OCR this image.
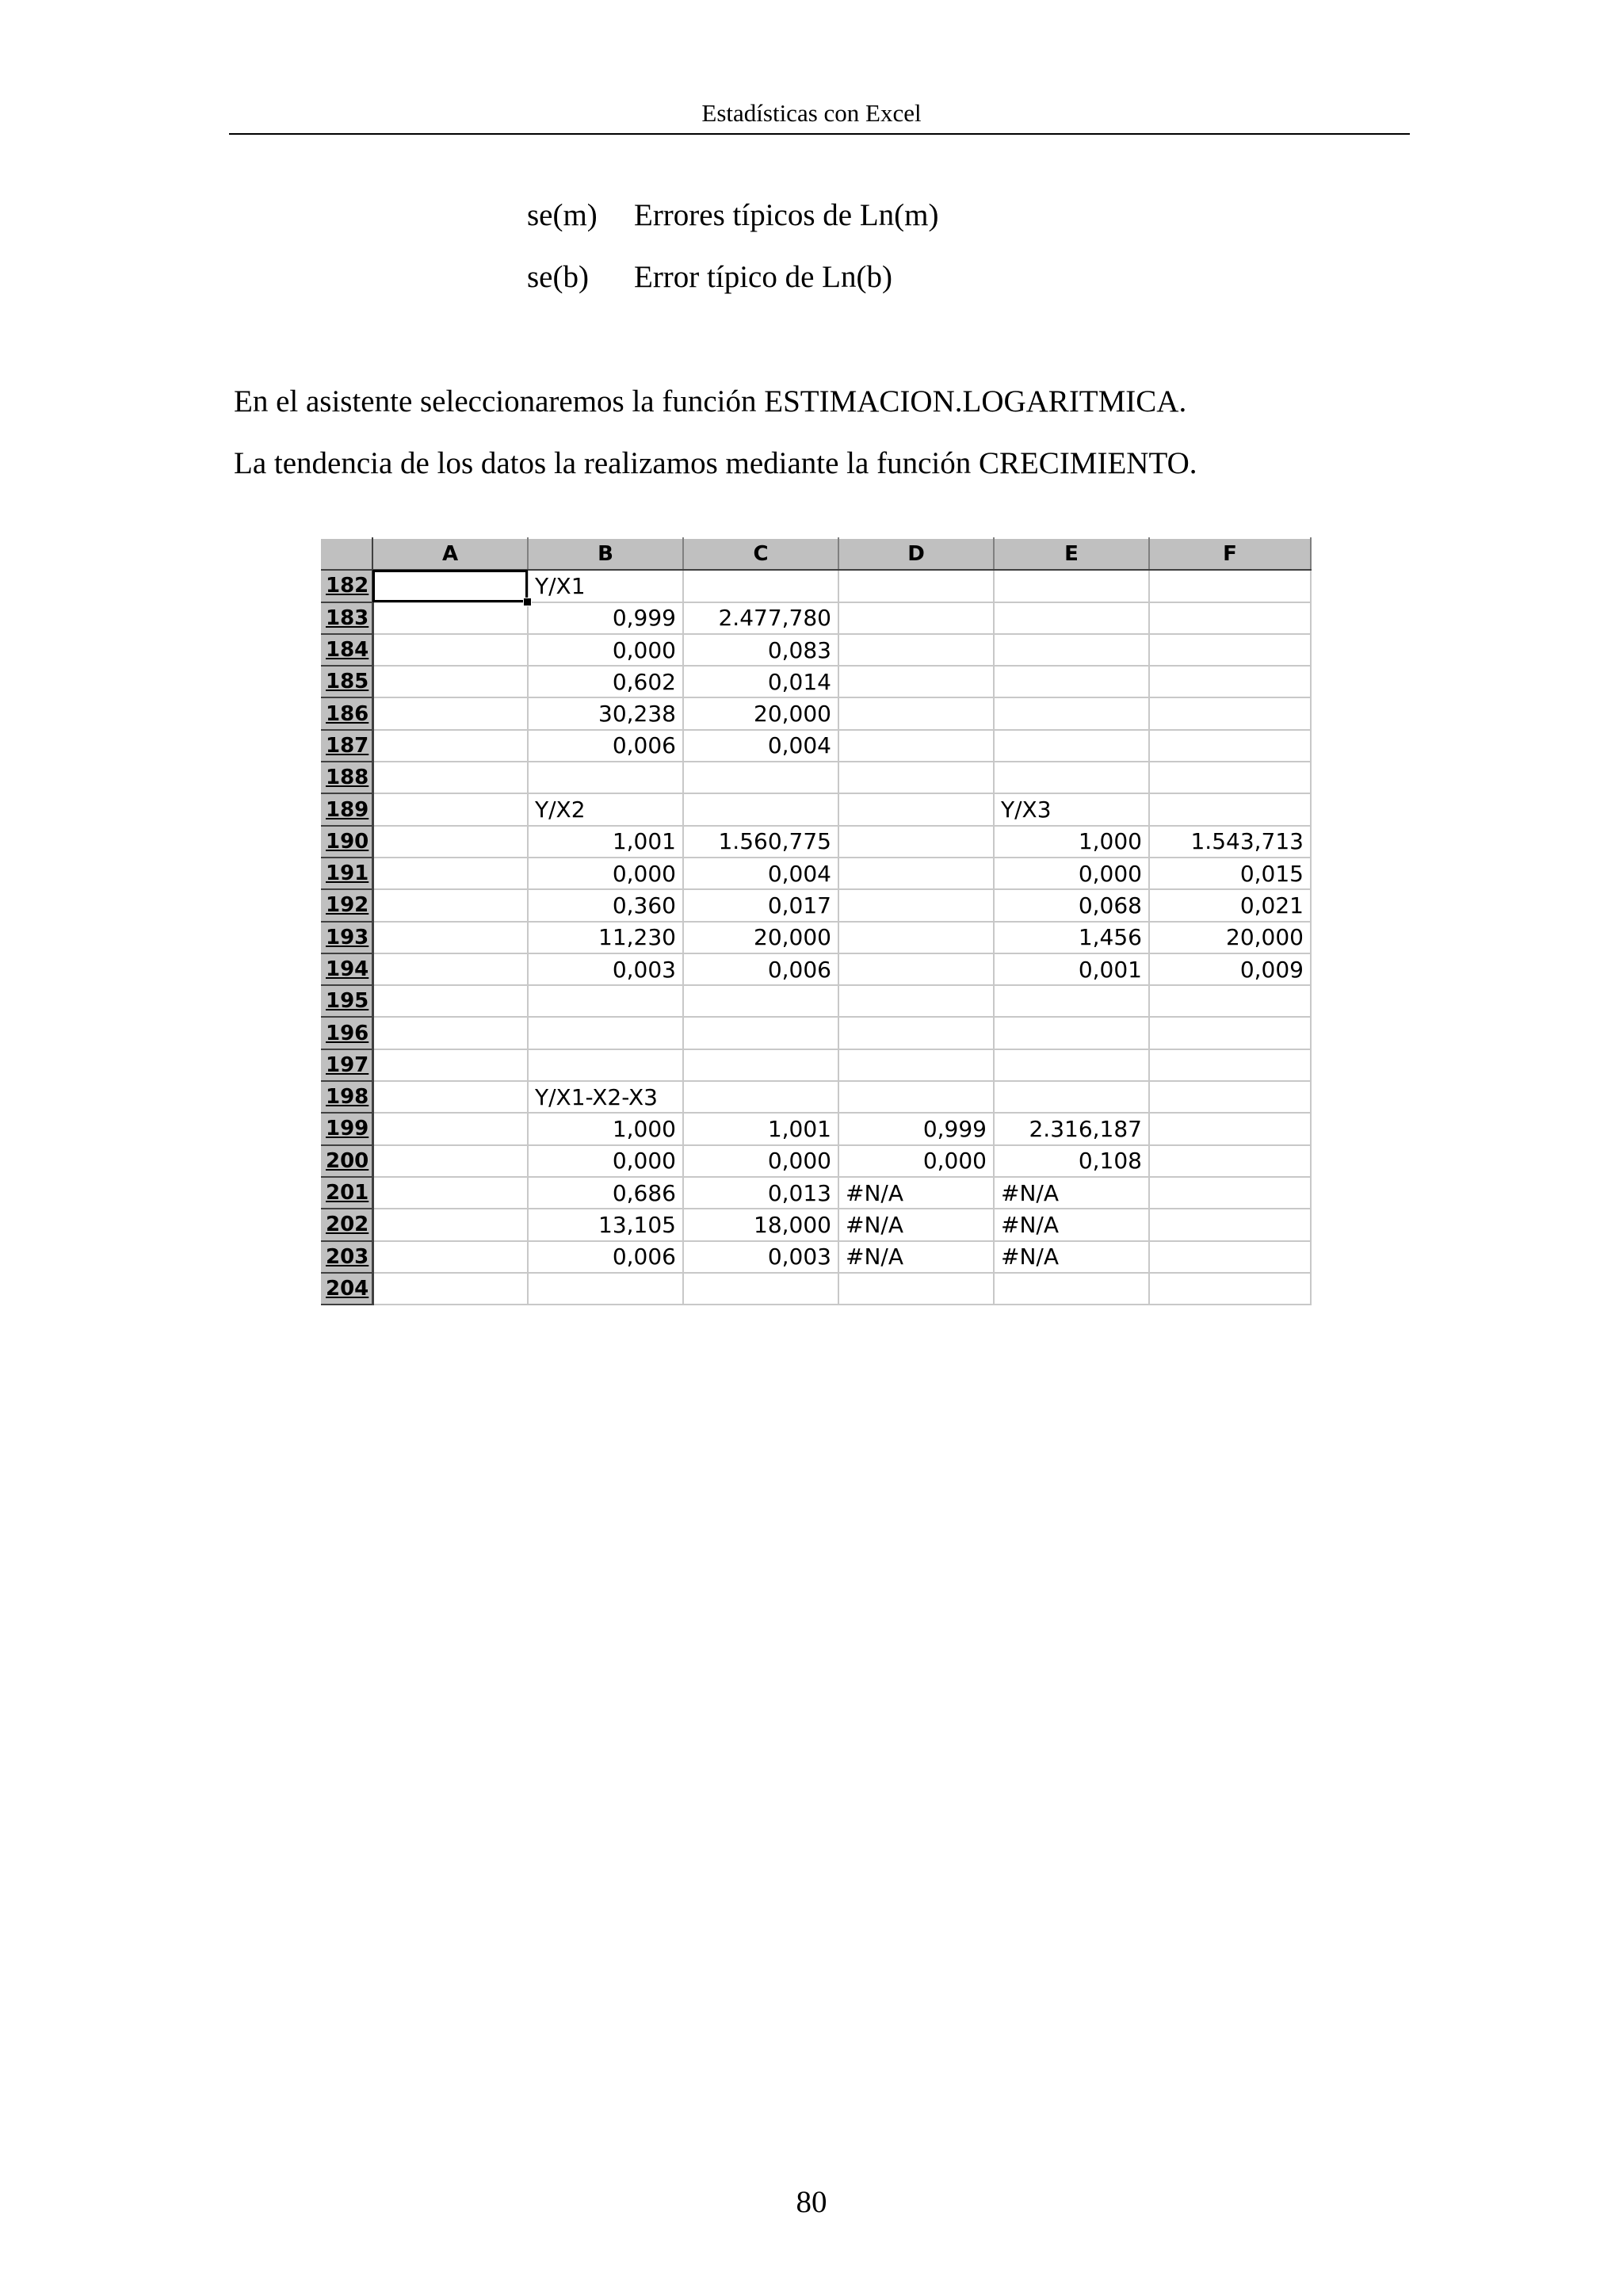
Estadísticas con Excel
se(m) Errores típicos de Ln(m)
se(b) Error típico de Ln(b)
En el asistente seleccionaremos la función ESTIMACION.LOGARITMICA.
La tendencia de los datos la realizamos mediante la función CRECIMIENTO.
	A	B	C	D	E	F
182		Y/X1				
183		0,999	2.477,780			
184		0,000	0,083			
185		0,602	0,014			
186		30,238	20,000			
187		0,006	0,004			
188						
189		Y/X2			Y/X3	
190		1,001	1.560,775		1,000	1.543,713
191		0,000	0,004		0,000	0,015
192		0,360	0,017		0,068	0,021
193		11,230	20,000		1,456	20,000
194		0,003	0,006		0,001	0,009
195						
196						
197						
198		Y/X1-X2-X3				
199		1,000	1,001	0,999	2.316,187	
200		0,000	0,000	0,000	0,108	
201		0,686	0,013	#N/A	#N/A	
202		13,105	18,000	#N/A	#N/A	
203		0,006	0,003	#N/A	#N/A	
204						
80
